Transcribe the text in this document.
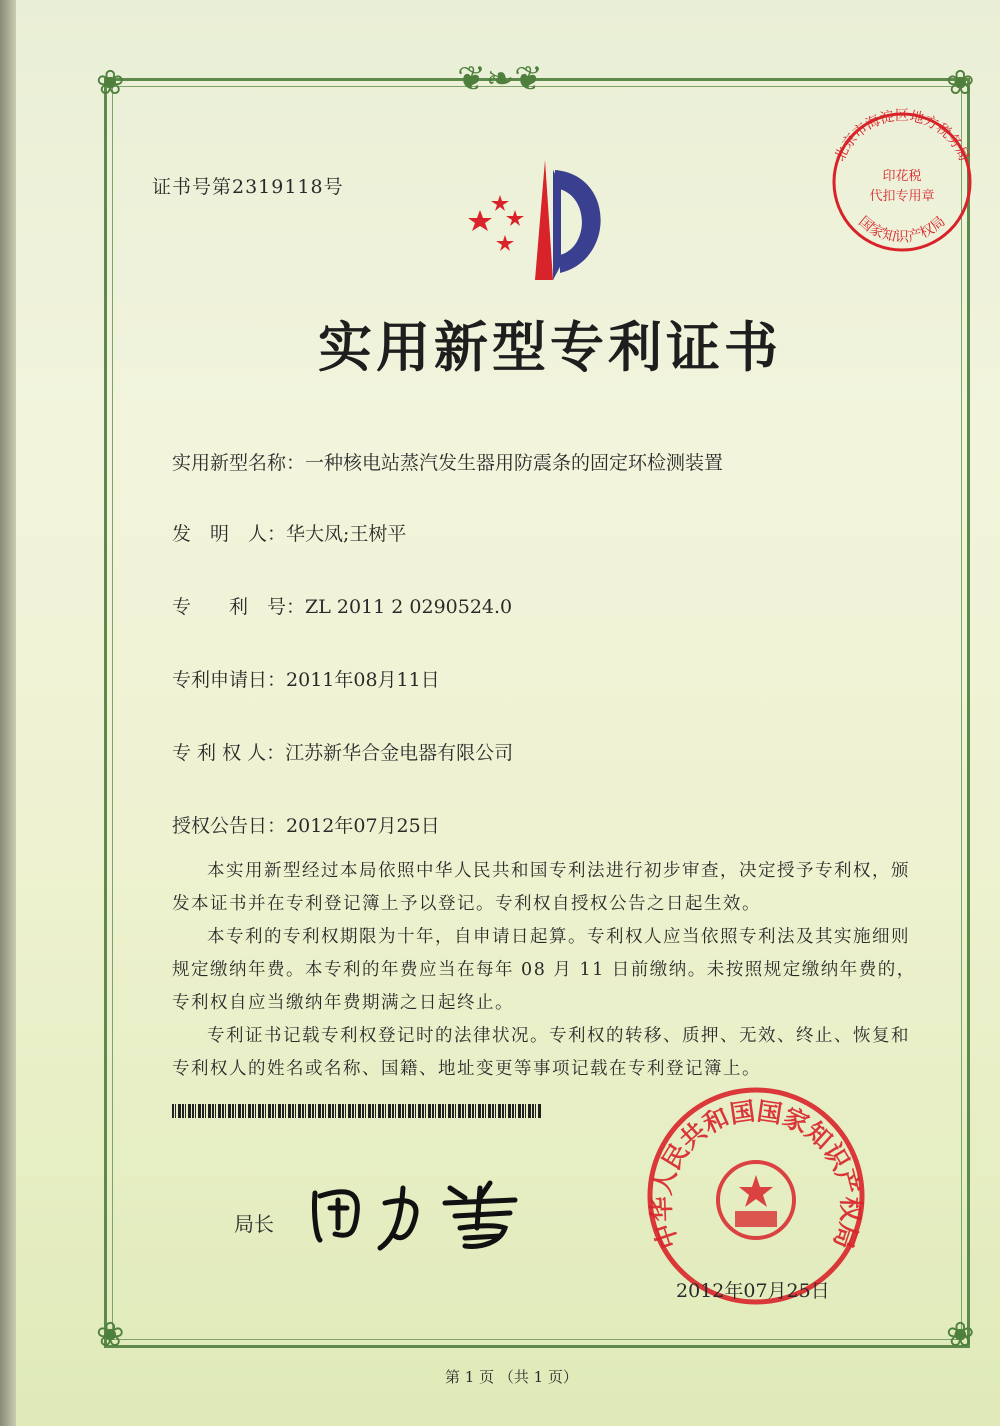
❦❧❦
❀	❀
❀	❀
证书号第2319118号
实用新型专利证书
实用新型名称：一种核电站蒸汽发生器用防震条的固定环检测装置
发　明　人：华大凤;王树平
专　　利　号：ZL 2011 2 0290524.0
专利申请日：2011年08月11日
专 利 权 人：江苏新华合金电器有限公司
授权公告日：2012年07月25日
本实用新型经过本局依照中华人民共和国专利法进行初步审查，决定授予专利权，颁发本证书并在专利登记簿上予以登记。专利权自授权公告之日起生效。
本专利的专利权期限为十年，自申请日起算。专利权人应当依照专利法及其实施细则规定缴纳年费。本专利的年费应当在每年 08 月 11 日前缴纳。未按照规定缴纳年费的，专利权自应当缴纳年费期满之日起终止。
专利证书记载专利权登记时的法律状况。专利权的转移、质押、无效、终止、恢复和专利权人的姓名或名称、国籍、地址变更等事项记载在专利登记簿上。
局长	中华人民共和国国家知识产权局
北京市海淀区地方税务局
国家知识产权局
印花税
代扣专用章
2012年07月25日
第 1 页 （共 1 页）
